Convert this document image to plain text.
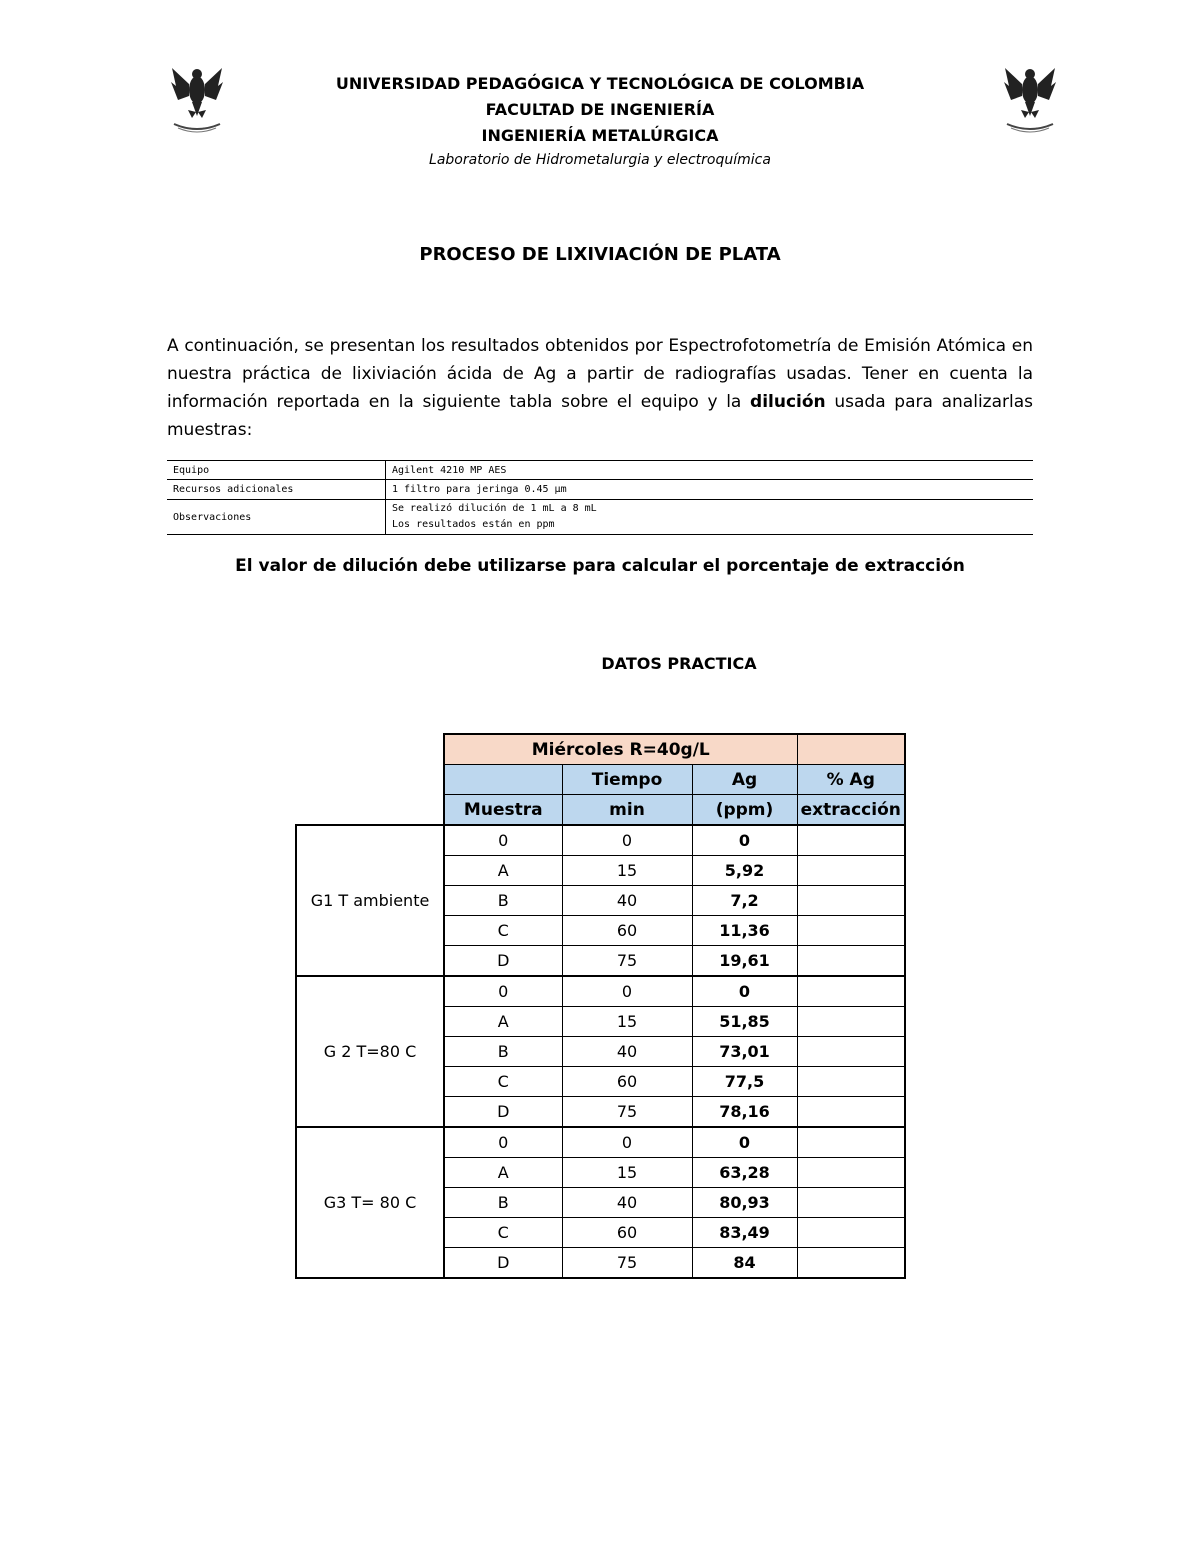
UNIVERSIDAD PEDAGÓGICA Y TECNOLÓGICA DE COLOMBIA
FACULTAD DE INGENIERÍA
INGENIERÍA METALÚRGICA
Laboratorio de Hidrometalurgia y electroquímica
PROCESO DE LIXIVIACIÓN DE PLATA
A continuación, se presentan los resultados obtenidos por Espectrofotometría de Emisión Atómica en nuestra práctica de lixiviación ácida de Ag a partir de radiografías usadas. Tener en cuenta la información reportada en la siguiente tabla sobre el equipo y la dilución usada para analizarlas muestras:
Equipo	Agilent 4210 MP AES
Recursos adicionales	1 filtro para jeringa 0.45 µm
Observaciones	Se realizó dilución de 1 mL a 8 mL
Los resultados están en ppm
El valor de dilución debe utilizarse para calcular el porcentaje de extracción
DATOS PRACTICA
	Miércoles R=40g/L			
		Tiempo	Ag	% Ag
	Muestra	min	(ppm)	extracción
G1 T ambiente	0	0	0	
	A	15	5,92	
	B	40	7,2	
	C	60	11,36	
	D	75	19,61	
G 2 T=80 C	0	0	0	
	A	15	51,85	
	B	40	73,01	
	C	60	77,5	
	D	75	78,16	
G3 T= 80 C	0	0	0	
	A	15	63,28	
	B	40	80,93	
	C	60	83,49	
	D	75	84	
